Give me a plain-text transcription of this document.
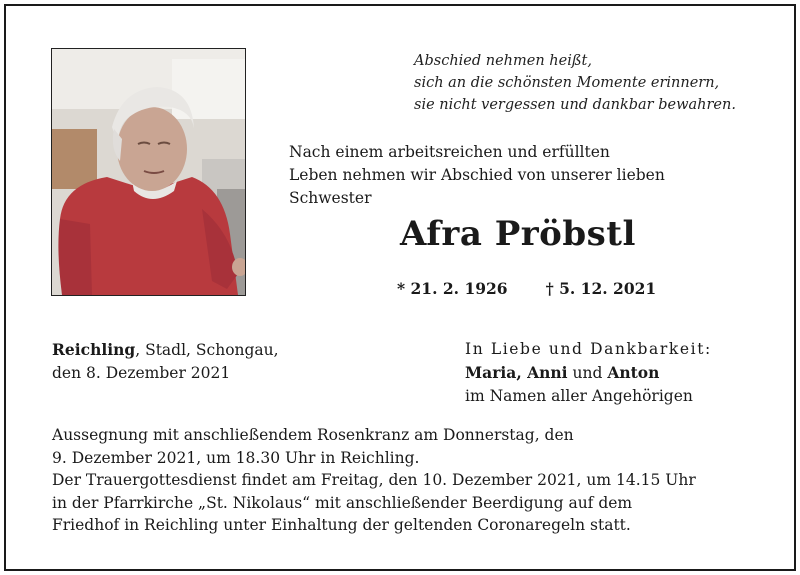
Abschied nehmen heißt,
sich an die schönsten Momente erinnern,
sie nicht vergessen und dankbar bewahren.
Nach einem arbeitsreichen und erfüllten
Leben nehmen wir Abschied von unserer lieben
Schwester
Afra Pröbstl
* 21. 2. 1926 † 5. 12. 2021
Reichling, Stadl, Schongau,
den 8. Dezember 2021
In Liebe und Dankbarkeit:
Maria, Anni und Anton
im Namen aller Angehörigen
Aussegnung mit anschließendem Rosenkranz am Donnerstag, den
9. Dezember 2021, um 18.30 Uhr in Reichling.
Der Trauergottesdienst findet am Freitag, den 10. Dezember 2021, um 14.15 Uhr
in der Pfarrkirche „St. Nikolaus“ mit anschließender Beerdigung auf dem
Friedhof in Reichling unter Einhaltung der geltenden Coronaregeln statt.
